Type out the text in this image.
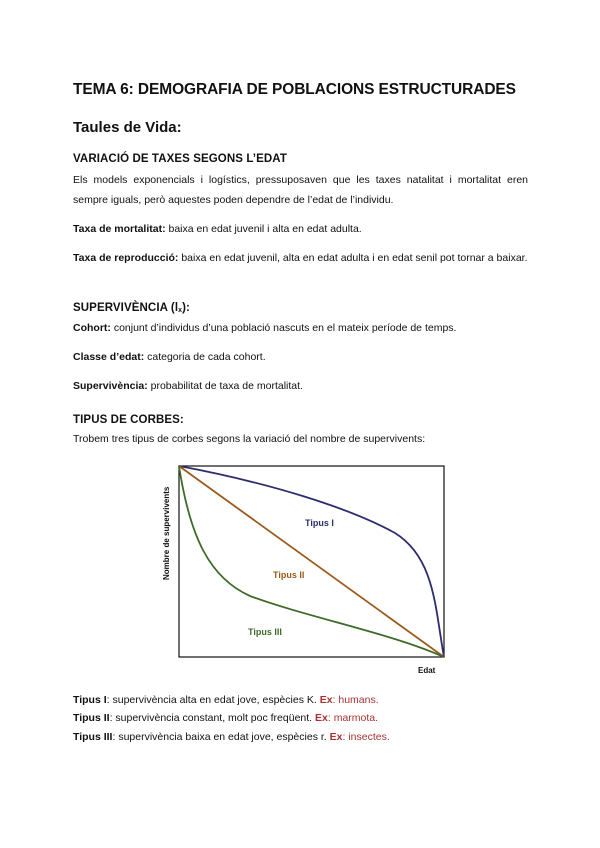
TEMA 6: DEMOGRAFIA DE POBLACIONS ESTRUCTURADES
Taules de Vida:
VARIACIÓ DE TAXES SEGONS L’EDAT

Els models exponencials i logístics, pressuposaven que les taxes natalitat i mortalitat eren sempre iguals, però aquestes poden dependre de l’edat de l’individu.

Taxa de mortalitat: baixa en edat juvenil i alta en edat adulta.

Taxa de reproducció: baixa en edat juvenil, alta en edat adulta i en edat senil pot tornar a baixar.

SUPERVIVÈNCIA (lx):

Cohort: conjunt d’individus d’una població nascuts en el mateix període de temps.

Classe d’edat: categoria de cada cohort.

Supervivència: probabilitat de taxa de mortalitat.

TIPUS DE CORBES:

Trobem tres tipus de corbes segons la variació del nombre de supervivents:

Tipus I
Tipus II
Tipus III
Edat
Nombre de supervivents

Tipus I: supervivència alta en edat jove, espècies K. Ex: humans.

Tipus II: supervivència constant, molt poc freqüent. Ex: marmota.

Tipus III: supervivència baixa en edat jove, espècies r. Ex: insectes.
